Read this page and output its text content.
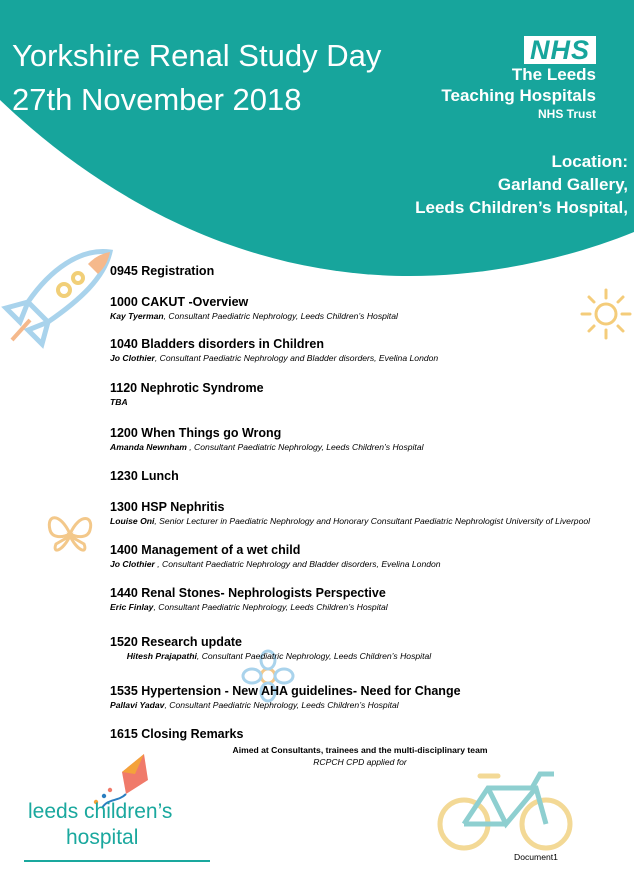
Yorkshire Renal Study Day
27th November 2018
NHS
The Leeds
Teaching Hospitals
NHS Trust
Location:
Garland Gallery,
Leeds Children’s Hospital,
0945 Registration
1000 CAKUT -Overview
Kay Tyerman, Consultant Paediatric Nephrology, Leeds Children’s Hospital
1040 Bladders disorders in Children
Jo Clothier, Consultant Paediatric Nephrology and Bladder disorders, Evelina London
1120 Nephrotic Syndrome
TBA
1200 When Things go Wrong
Amanda Newnham , Consultant Paediatric Nephrology, Leeds Children’s Hospital
1230 Lunch
1300 HSP Nephritis
Louise Oni, Senior Lecturer in Paediatric Nephrology and Honorary Consultant Paediatric Nephrologist University of Liverpool
1400 Management of a wet child
Jo Clothier , Consultant Paediatric Nephrology and Bladder disorders, Evelina London
1440 Renal Stones- Nephrologists Perspective
Eric Finlay, Consultant Paediatric Nephrology, Leeds Children’s Hospital
1520 Research update
Hitesh Prajapathi, Consultant Paediatric Nephrology, Leeds Children’s Hospital
1535 Hypertension - New AHA guidelines- Need for Change
Pallavi Yadav, Consultant Paediatric Nephrology, Leeds Children’s Hospital
1615 Closing Remarks
Aimed at Consultants, trainees and the multi-disciplinary team
RCPCH CPD applied for
leeds children’s
hospital
Document1
